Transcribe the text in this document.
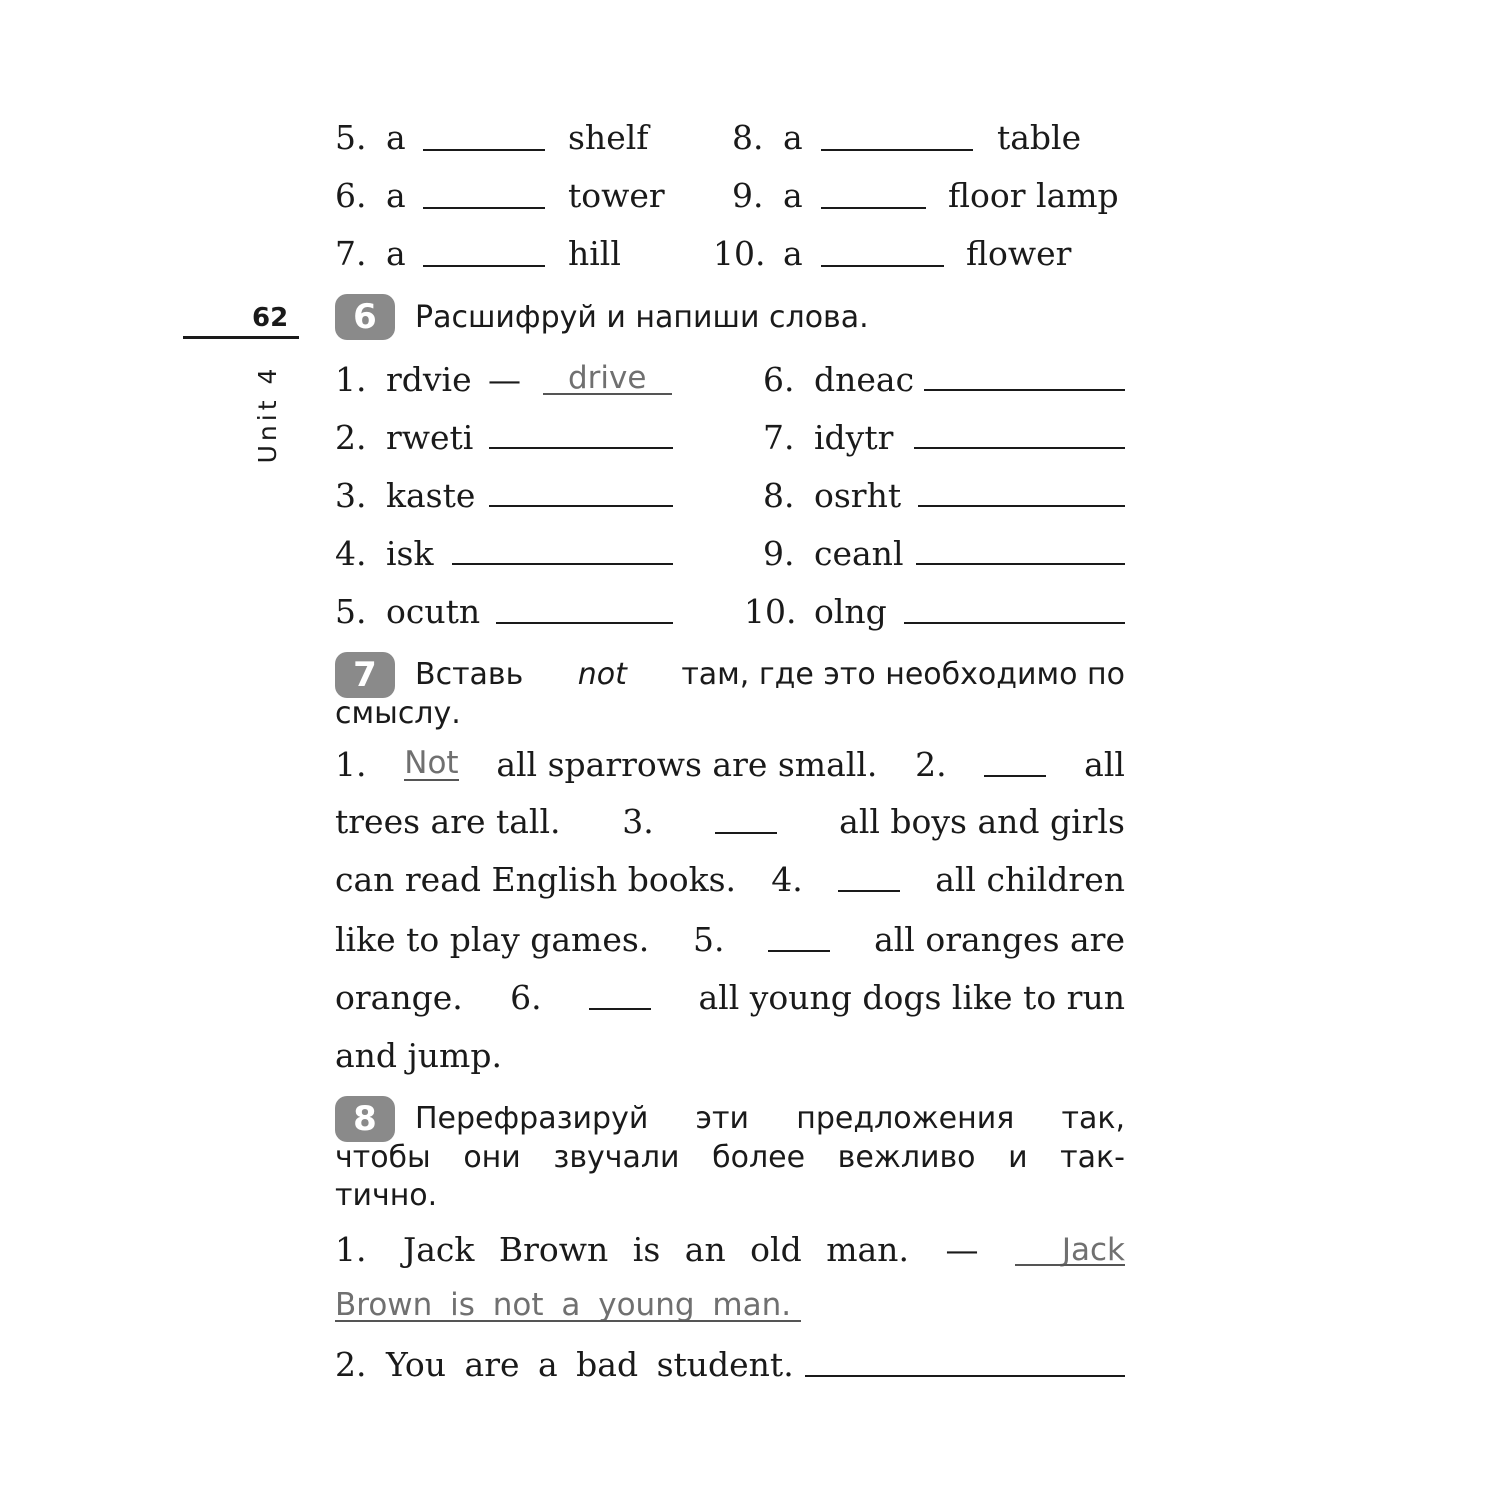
62
Unit 4
5. a	shelf
6. a	tower
7. a	hill
8. a	table
9. a	floor lamp
10. a	flower
6	Расшифруй и напиши слова.
1. rdvie — drive
2. rweti
3. kaste
4. isk
5. ocutn
6. dneac
7. idytr
8. osrht
9. ceanl
10. olng
7	Вставь not там, где это необходимо по
смыслу.
1. Not all sparrows are small. 2.	all
trees are tall. 3.	all boys and girls
can read English books. 4.	all children
like to play games. 5.	all oranges are
orange. 6.	all young dogs like to run
and jump.
8	Перефразируй эти предложения так,
чтобы они звучали более вежливо и так-
тично.
1. Jack Brown is an old man. —	Jack
Brown is not a young man.
2. You are a bad student.
